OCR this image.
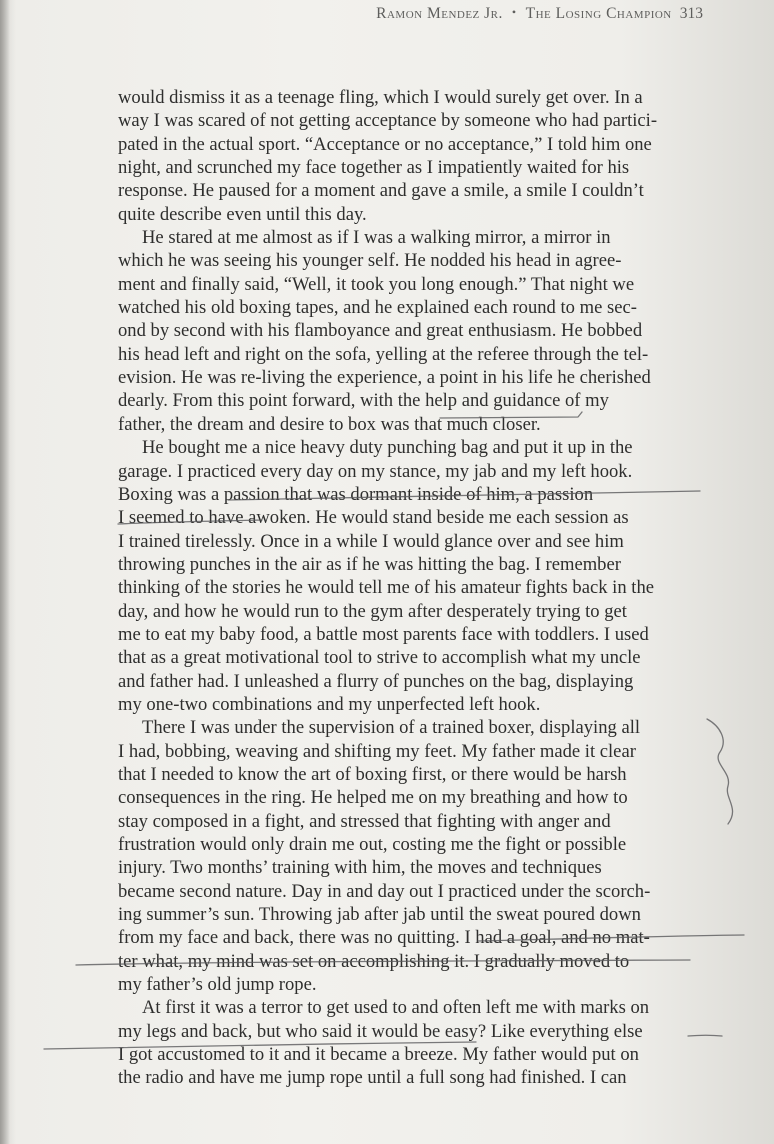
Ramon Mendez Jr. • The Losing Champion 313
would dismiss it as a teenage fling, which I would surely get over. In a
way I was scared of not getting acceptance by someone who had partici-
pated in the actual sport. “Acceptance or no acceptance,” I told him one
night, and scrunched my face together as I impatiently waited for his
response. He paused for a moment and gave a smile, a smile I couldn’t
quite describe even until this day.
He stared at me almost as if I was a walking mirror, a mirror in
which he was seeing his younger self. He nodded his head in agree-
ment and finally said, “Well, it took you long enough.” That night we
watched his old boxing tapes, and he explained each round to me sec-
ond by second with his flamboyance and great enthusiasm. He bobbed
his head left and right on the sofa, yelling at the referee through the tel-
evision. He was re-living the experience, a point in his life he cherished
dearly. From this point forward, with the help and guidance of my
father, the dream and desire to box was that much closer.
He bought me a nice heavy duty punching bag and put it up in the
garage. I practiced every day on my stance, my jab and my left hook.
Boxing was a passion that was dormant inside of him, a passion
I seemed to have awoken. He would stand beside me each session as
I trained tirelessly. Once in a while I would glance over and see him
throwing punches in the air as if he was hitting the bag. I remember
thinking of the stories he would tell me of his amateur fights back in the
day, and how he would run to the gym after desperately trying to get
me to eat my baby food, a battle most parents face with toddlers. I used
that as a great motivational tool to strive to accomplish what my uncle
and father had. I unleashed a flurry of punches on the bag, displaying
my one-two combinations and my unperfected left hook.
There I was under the supervision of a trained boxer, displaying all
I had, bobbing, weaving and shifting my feet. My father made it clear
that I needed to know the art of boxing first, or there would be harsh
consequences in the ring. He helped me on my breathing and how to
stay composed in a fight, and stressed that fighting with anger and
frustration would only drain me out, costing me the fight or possible
injury. Two months’ training with him, the moves and techniques
became second nature. Day in and day out I practiced under the scorch-
ing summer’s sun. Throwing jab after jab until the sweat poured down
from my face and back, there was no quitting. I had a goal, and no mat-
ter what, my mind was set on accomplishing it. I gradually moved to
my father’s old jump rope.
At first it was a terror to get used to and often left me with marks on
my legs and back, but who said it would be easy? Like everything else
I got accustomed to it and it became a breeze. My father would put on
the radio and have me jump rope until a full song had finished. I can
